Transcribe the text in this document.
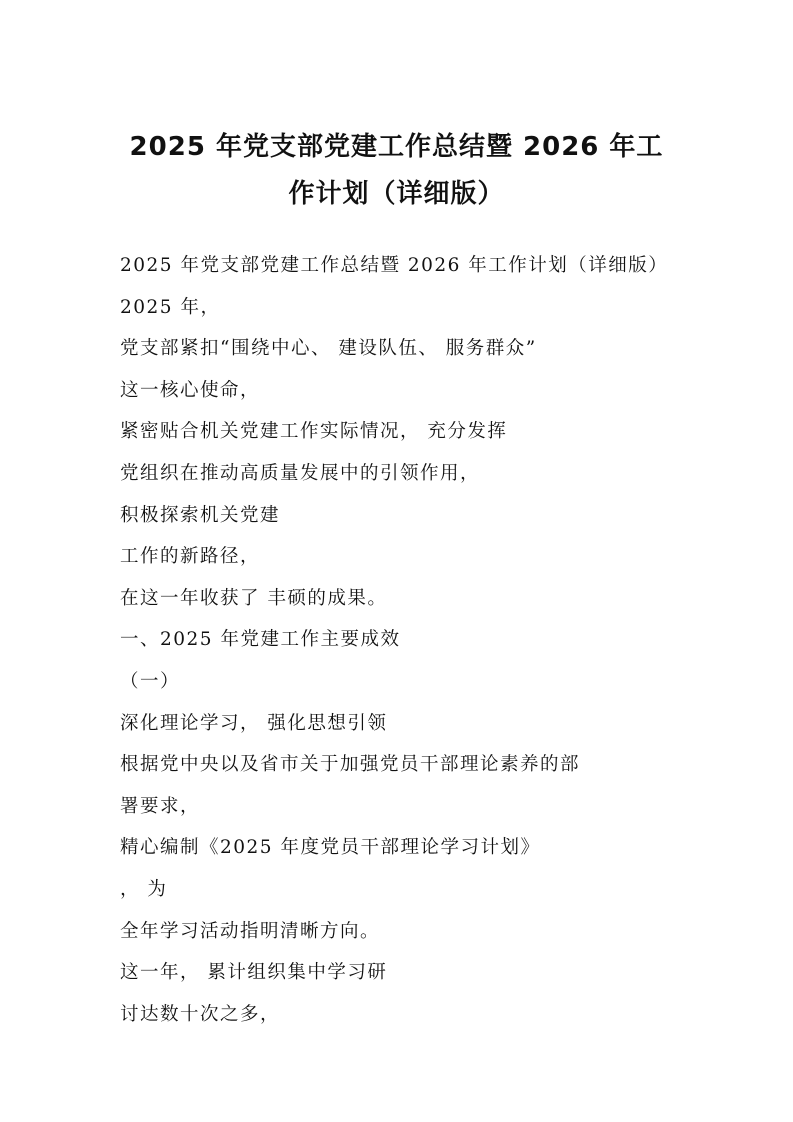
2025 年党支部党建工作总结暨 2026 年工
作计划（详细版）
2025 年党支部党建工作总结暨 2026 年工作计划（详细版）
2025 年，
党支部紧扣“围绕中心、 建设队伍、 服务群众”
这一核心使命，
紧密贴合机关党建工作实际情况， 充分发挥
党组织在推动高质量发展中的引领作用，
积极探索机关党建
工作的新路径，
在这一年收获了 丰硕的成果。
一、2025 年党建工作主要成效
（一）
深化理论学习， 强化思想引领
根据党中央以及省市关于加强党员干部理论素养的部
署要求，
精心编制《2025 年度党员干部理论学习计划》
， 为
全年学习活动指明清晰方向。
这一年， 累计组织集中学习研
讨达数十次之多，
